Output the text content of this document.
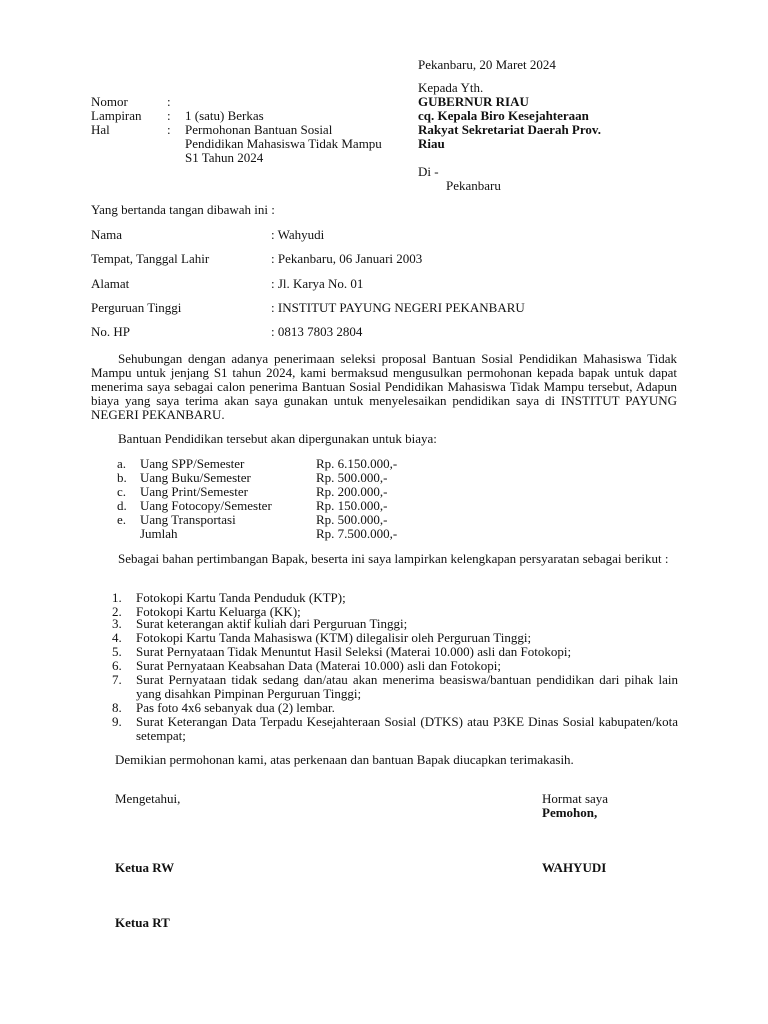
Pekanbaru, 20 Maret 2024
Kepada Yth.
GUBERNUR RIAU
cq. Kepala Biro Kesejahteraan
Rakyat Sekretariat Daerah Prov.
Riau
Di -
Pekanbaru
Nomor	:
Lampiran : 1 (satu) Berkas
Hal	: Permohonan Bantuan Sosial
Pendidikan Mahasiswa Tidak Mampu
S1 Tahun 2024
Yang bertanda tangan dibawah ini :
Nama	: Wahyudi
Tempat, Tanggal Lahir	: Pekanbaru, 06 Januari 2003
Alamat	: Jl. Karya No. 01
Perguruan Tinggi	: INSTITUT PAYUNG NEGERI PEKANBARU
No. HP	: 0813 7803 2804

Sehubungan dengan adanya penerimaan seleksi proposal Bantuan Sosial Pendidikan Mahasiswa Tidak Mampu untuk jenjang S1 tahun 2024, kami bermaksud mengusulkan permohonan kepada bapak untuk dapat menerima saya sebagai calon penerima Bantuan Sosial Pendidikan Mahasiswa Tidak Mampu tersebut, Adapun biaya yang saya terima akan saya gunakan untuk menyelesaikan pendidikan saya di INSTITUT PAYUNG NEGERI PEKANBARU.

Bantuan Pendidikan tersebut akan dipergunakan untuk biaya:
a.	Uang SPP/Semester	Rp. 6.150.000,-
b.	Uang Buku/Semester	Rp. 500.000,-
c.	Uang Print/Semester	Rp. 200.000,-
d.	Uang Fotocopy/Semester	Rp. 150.000,-
e.	Uang Transportasi	Rp. 500.000,-
Jumlah	Rp. 7.500.000,-

Sebagai bahan pertimbangan Bapak, beserta ini saya lampirkan kelengkapan persyaratan sebagai berikut :

1. Fotokopi Kartu Tanda Penduduk (KTP);
2. Fotokopi Kartu Keluarga (KK);
3. Surat keterangan aktif kuliah dari Perguruan Tinggi;
4. Fotokopi Kartu Tanda Mahasiswa (KTM) dilegalisir oleh Perguruan Tinggi;
5. Surat Pernyataan Tidak Menuntut Hasil Seleksi (Materai 10.000) asli dan Fotokopi;
6. Surat Pernyataan Keabsahan Data (Materai 10.000) asli dan Fotokopi;
7. Surat Pernyataan tidak sedang dan/atau akan menerima beasiswa/bantuan pendidikan dari pihak lain yang disahkan Pimpinan Perguruan Tinggi;
8. Pas foto 4x6 sebanyak dua (2) lembar.
9. Surat Keterangan Data Terpadu Kesejahteraan Sosial (DTKS) atau P3KE Dinas Sosial kabupaten/kota setempat;
Demikian permohonan kami, atas perkenaan dan bantuan Bapak diucapkan terimakasih.
Mengetahui,
Ketua RW
Ketua RT
Hormat saya
Pemohon,
WAHYUDI
